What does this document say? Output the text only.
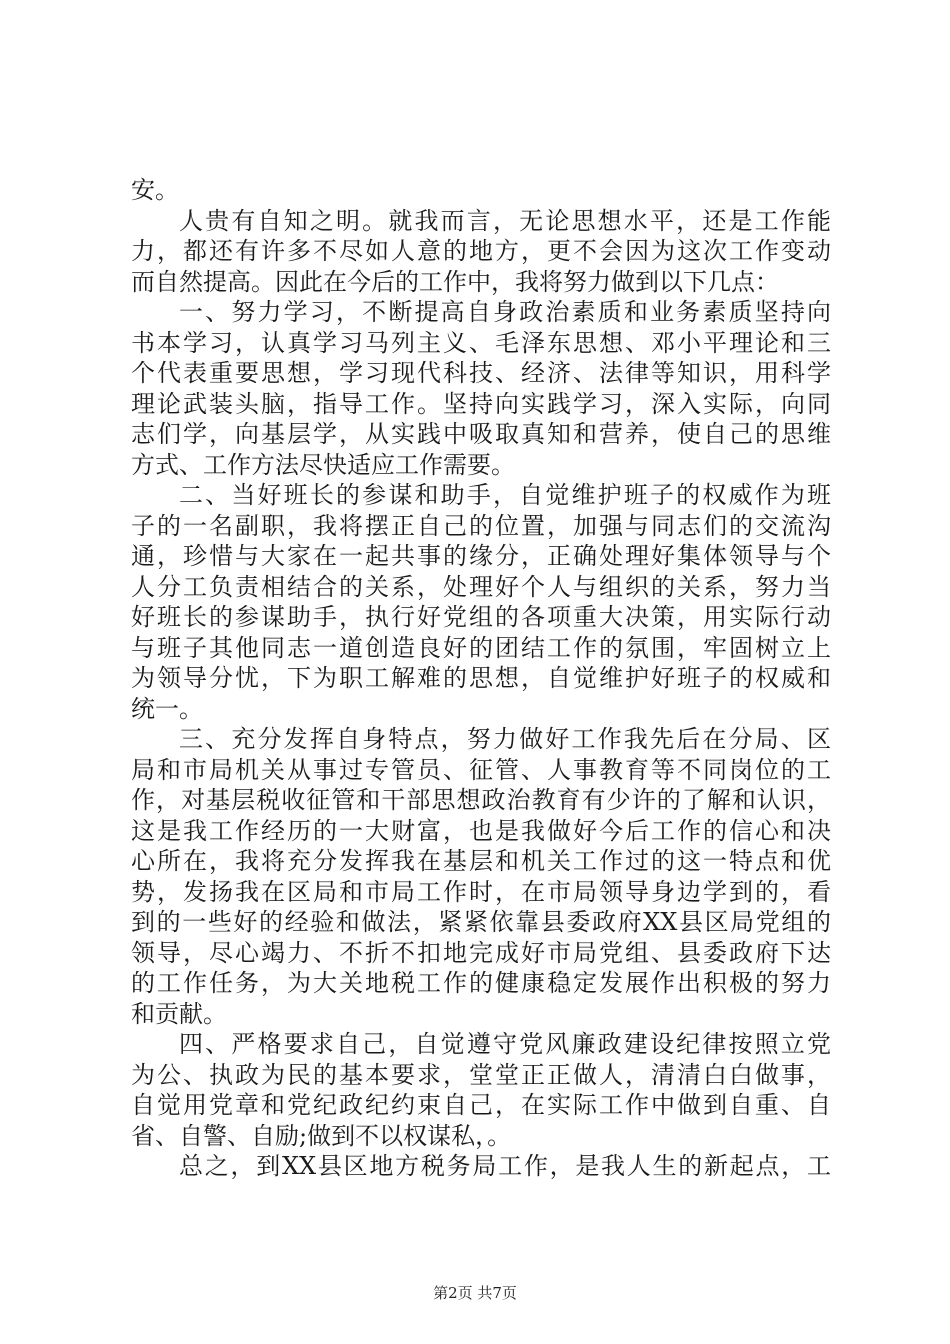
安。
人贵有自知之明。就我而言，无论思想水平，还是工作能
力，都还有许多不尽如人意的地方，更不会因为这次工作变动
而自然提高。因此在今后的工作中，我将努力做到以下几点：
一、努力学习，不断提高自身政治素质和业务素质坚持向
书本学习，认真学习马列主义、毛泽东思想、邓小平理论和三
个代表重要思想，学习现代科技、经济、法律等知识，用科学
理论武装头脑，指导工作。坚持向实践学习，深入实际，向同
志们学，向基层学，从实践中吸取真知和营养，使自己的思维
方式、工作方法尽快适应工作需要。
二、当好班长的参谋和助手，自觉维护班子的权威作为班
子的一名副职，我将摆正自己的位置，加强与同志们的交流沟
通，珍惜与大家在一起共事的缘分，正确处理好集体领导与个
人分工负责相结合的关系，处理好个人与组织的关系，努力当
好班长的参谋助手，执行好党组的各项重大决策，用实际行动
与班子其他同志一道创造良好的团结工作的氛围，牢固树立上
为领导分忧，下为职工解难的思想，自觉维护好班子的权威和
统一。
三、充分发挥自身特点，努力做好工作我先后在分局、区
局和市局机关从事过专管员、征管、人事教育等不同岗位的工
作，对基层税收征管和干部思想政治教育有少许的了解和认识，
这是我工作经历的一大财富，也是我做好今后工作的信心和决
心所在，我将充分发挥我在基层和机关工作过的这一特点和优
势，发扬我在区局和市局工作时，在市局领导身边学到的，看
到的一些好的经验和做法，紧紧依靠县委政府XX县区局党组的
领导，尽心竭力、不折不扣地完成好市局党组、县委政府下达
的工作任务，为大关地税工作的健康稳定发展作出积极的努力
和贡献。
四、严格要求自己，自觉遵守党风廉政建设纪律按照立党
为公、执政为民的基本要求，堂堂正正做人，清清白白做事，
自觉用党章和党纪政纪约束自己，在实际工作中做到自重、自
省、自警、自励;做到不以权谋私，。
总之，到XX县区地方税务局工作，是我人生的新起点，工
第2页 共7页
